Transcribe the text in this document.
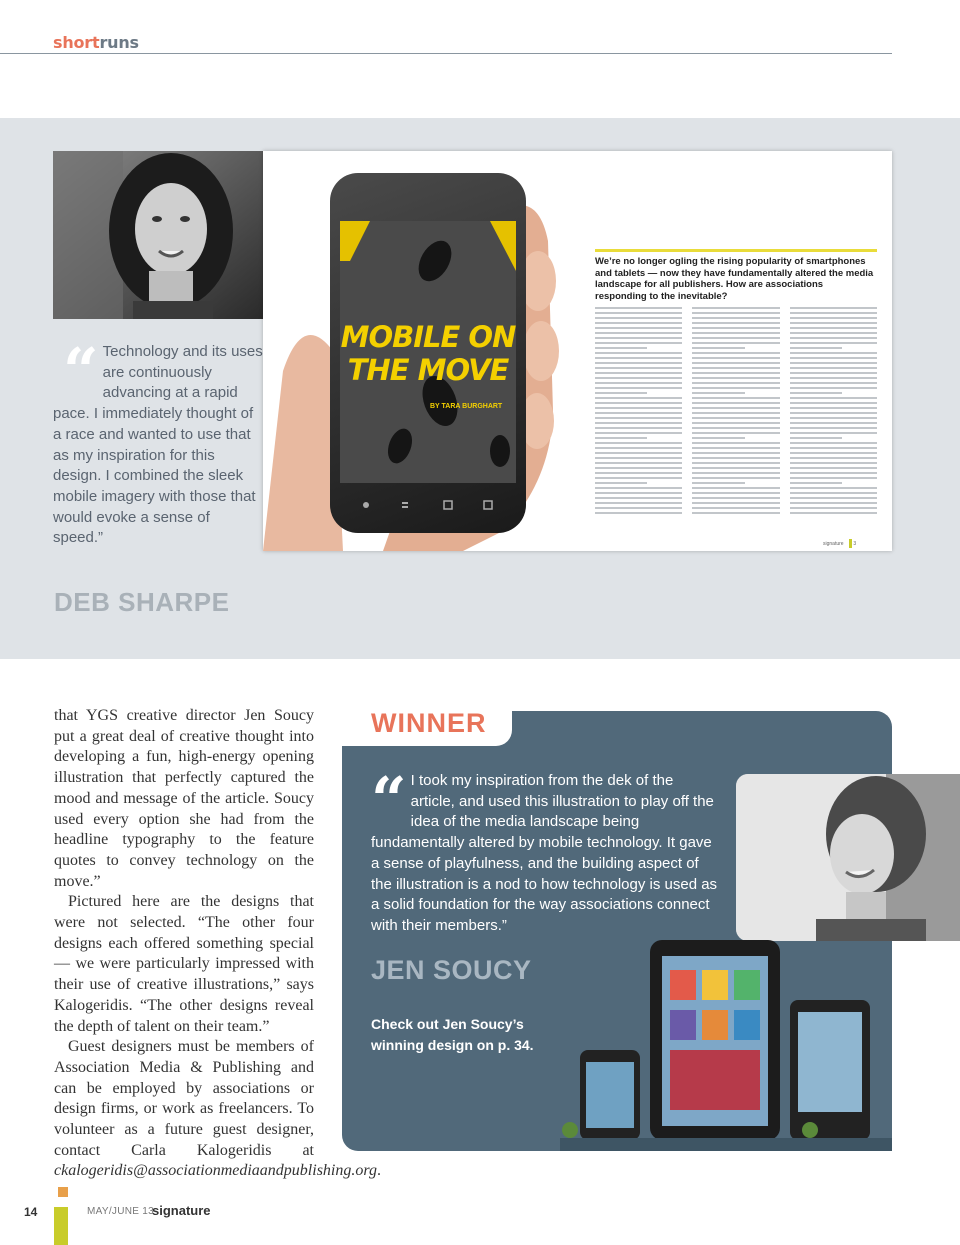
shortruns
“ Technology and its uses are continuously advancing at a rapid pace. I immediately thought of a race and wanted to use that as my inspiration for this design. I combined the sleek mobile imagery with those that would evoke a sense of speed.”
DEB SHARPE
MOBILE ON
THE MOVE
BY TARA BURGHART
We’re no longer ogling the rising popularity of smartphones and tablets — now they have fundamentally altered the media landscape for all publishers. How are associations responding to the inevitable?
signature 3

that YGS creative director Jen Soucy put a great deal of creative thought into developing a fun, high-energy opening illustration that perfectly captured the mood and message of the article. Soucy used every option she had from the headline typography to the feature quotes to convey technology on the move.”

Pictured here are the designs that were not selected. “The other four designs each offered something special — we were particularly impressed with their use of creative illustrations,” says Kalogeridis. “The other designs reveal the depth of talent on their team.”

Guest designers must be members of Association Media & Publishing and can be employed by associations or design firms, or work as freelancers. To volunteer as a future guest designer, contact Carla Kalogeridis at ckalogeridis@associationmediaandpublishing.org.

WINNER
“ I took my inspiration from the dek of the article, and used this illustration to play off the idea of the media landscape being fundamentally altered by mobile technology. It gave a sense of playfulness, and the building aspect of the illustration is a nod to how technology is used as a solid foundation for the way associations connect with their members.”
JEN SOUCY
Check out Jen Soucy’s winning design on p. 34.
14	MAY/JUNE 13
signature
